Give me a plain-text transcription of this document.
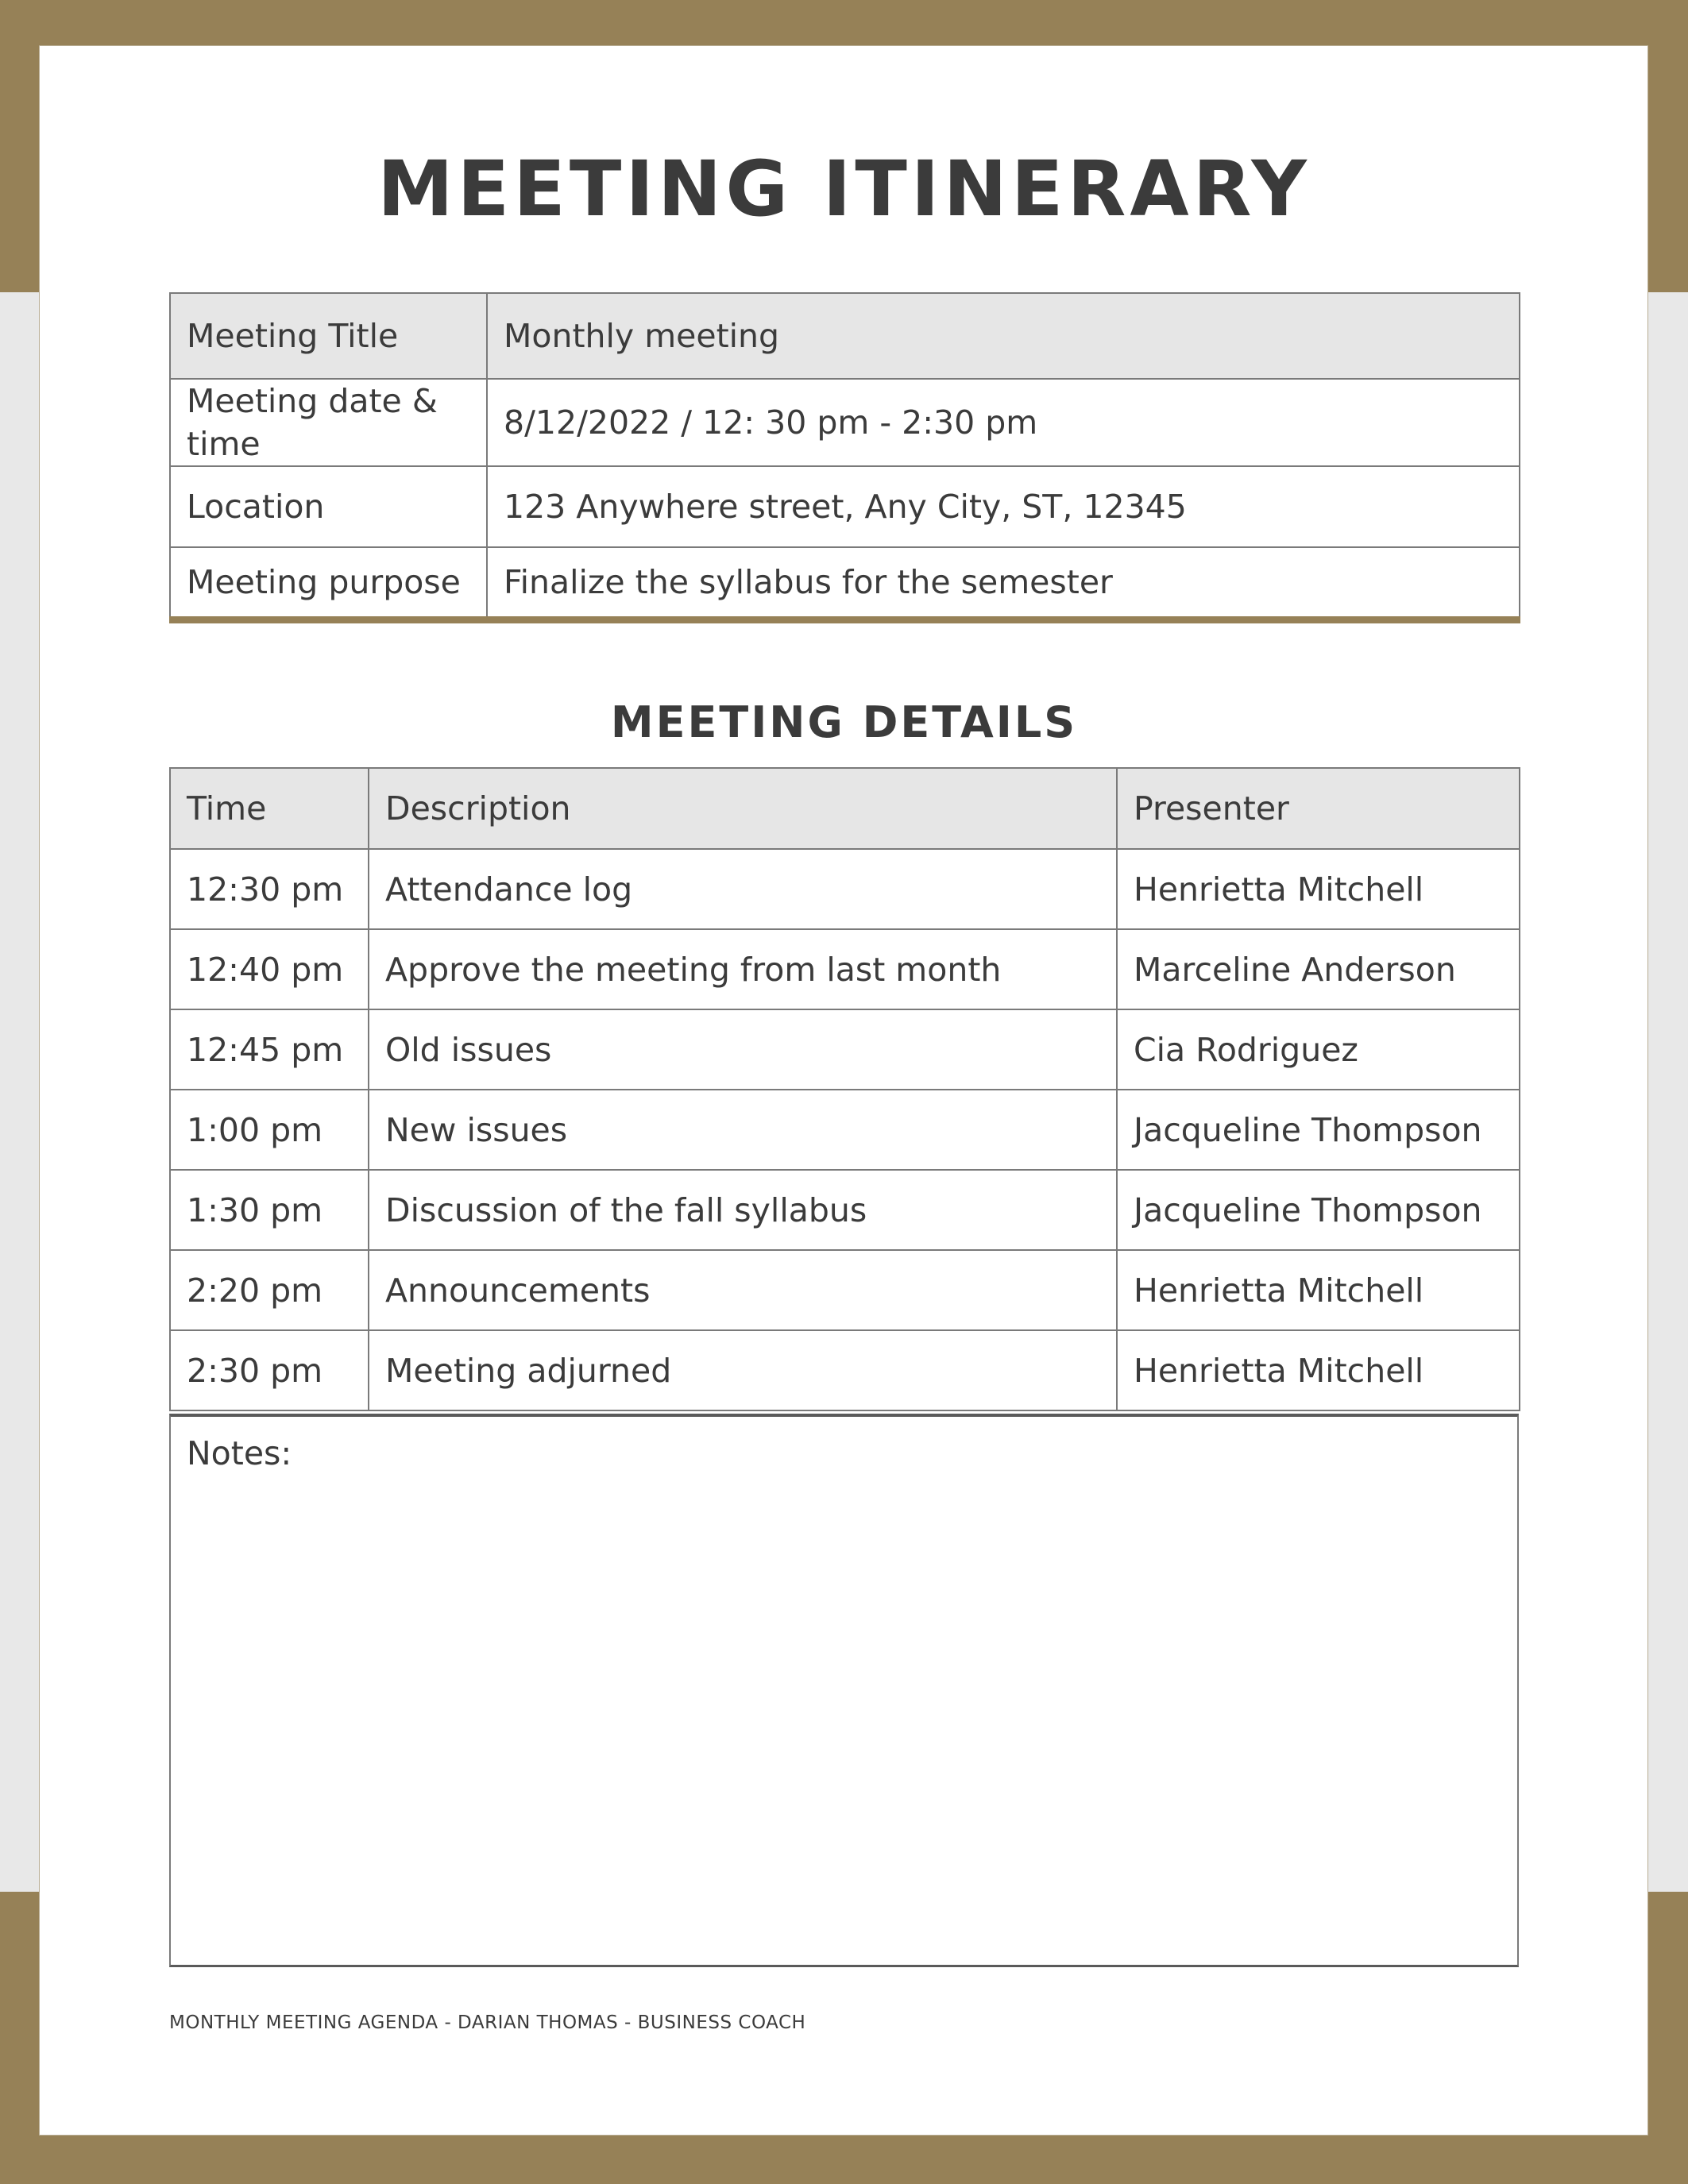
MEETING ITINERARY
Meeting Title	Monthly meeting
Meeting date & time	8/12/2022 / 12: 30 pm - 2:30 pm
Location	123 Anywhere street, Any City, ST, 12345
Meeting purpose	Finalize the syllabus for the semester
MEETING DETAILS
Time	Description	Presenter
12:30 pm	Attendance log	Henrietta Mitchell
12:40 pm	Approve the meeting from last month	Marceline Anderson
12:45 pm	Old issues	Cia Rodriguez
1:00 pm	New issues	Jacqueline Thompson
1:30 pm	Discussion of the fall syllabus	Jacqueline Thompson
2:20 pm	Announcements	Henrietta Mitchell
2:30 pm	Meeting adjurned	Henrietta Mitchell
Notes:
MONTHLY MEETING AGENDA - DARIAN THOMAS - BUSINESS COACH
